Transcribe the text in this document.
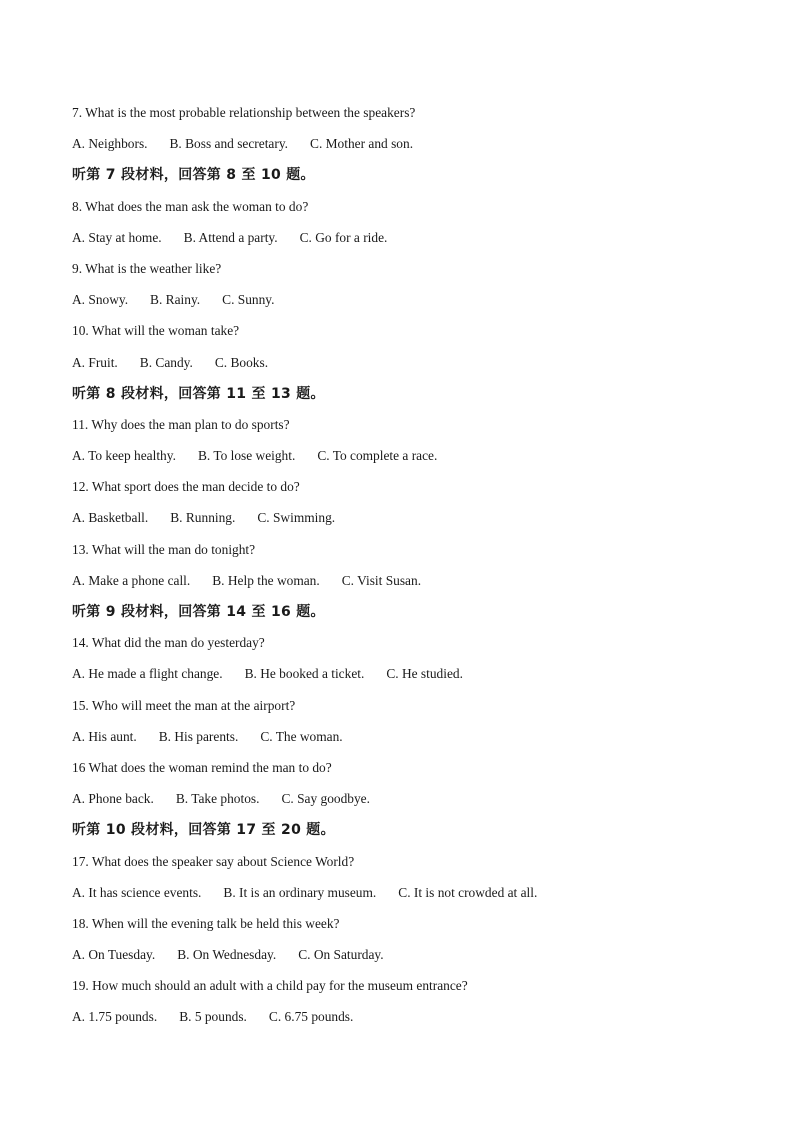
7. What is the most probable relationship between the speakers?
A. Neighbors. B. Boss and secretary. C. Mother and son.
听第 7 段材料，回答第 8 至 10 题。
8. What does the man ask the woman to do?
A. Stay at home. B. Attend a party. C. Go for a ride.
9. What is the weather like?
A. Snowy. B. Rainy. C. Sunny.
10. What will the woman take?
A. Fruit. B. Candy. C. Books.
听第 8 段材料，回答第 11 至 13 题。
11. Why does the man plan to do sports?
A. To keep healthy. B. To lose weight. C. To complete a race.
12. What sport does the man decide to do?
A. Basketball. B. Running. C. Swimming.
13. What will the man do tonight?
A. Make a phone call. B. Help the woman. C. Visit Susan.
听第 9 段材料，回答第 14 至 16 题。
14. What did the man do yesterday?
A. He made a flight change. B. He booked a ticket. C. He studied.
15. Who will meet the man at the airport?
A. His aunt. B. His parents. C. The woman.
16 What does the woman remind the man to do?
A. Phone back. B. Take photos. C. Say goodbye.
听第 10 段材料，回答第 17 至 20 题。
17. What does the speaker say about Science World?
A. It has science events. B. It is an ordinary museum. C. It is not crowded at all.
18. When will the evening talk be held this week?
A. On Tuesday. B. On Wednesday. C. On Saturday.
19. How much should an adult with a child pay for the museum entrance?
A. 1.75 pounds. B. 5 pounds. C. 6.75 pounds.
